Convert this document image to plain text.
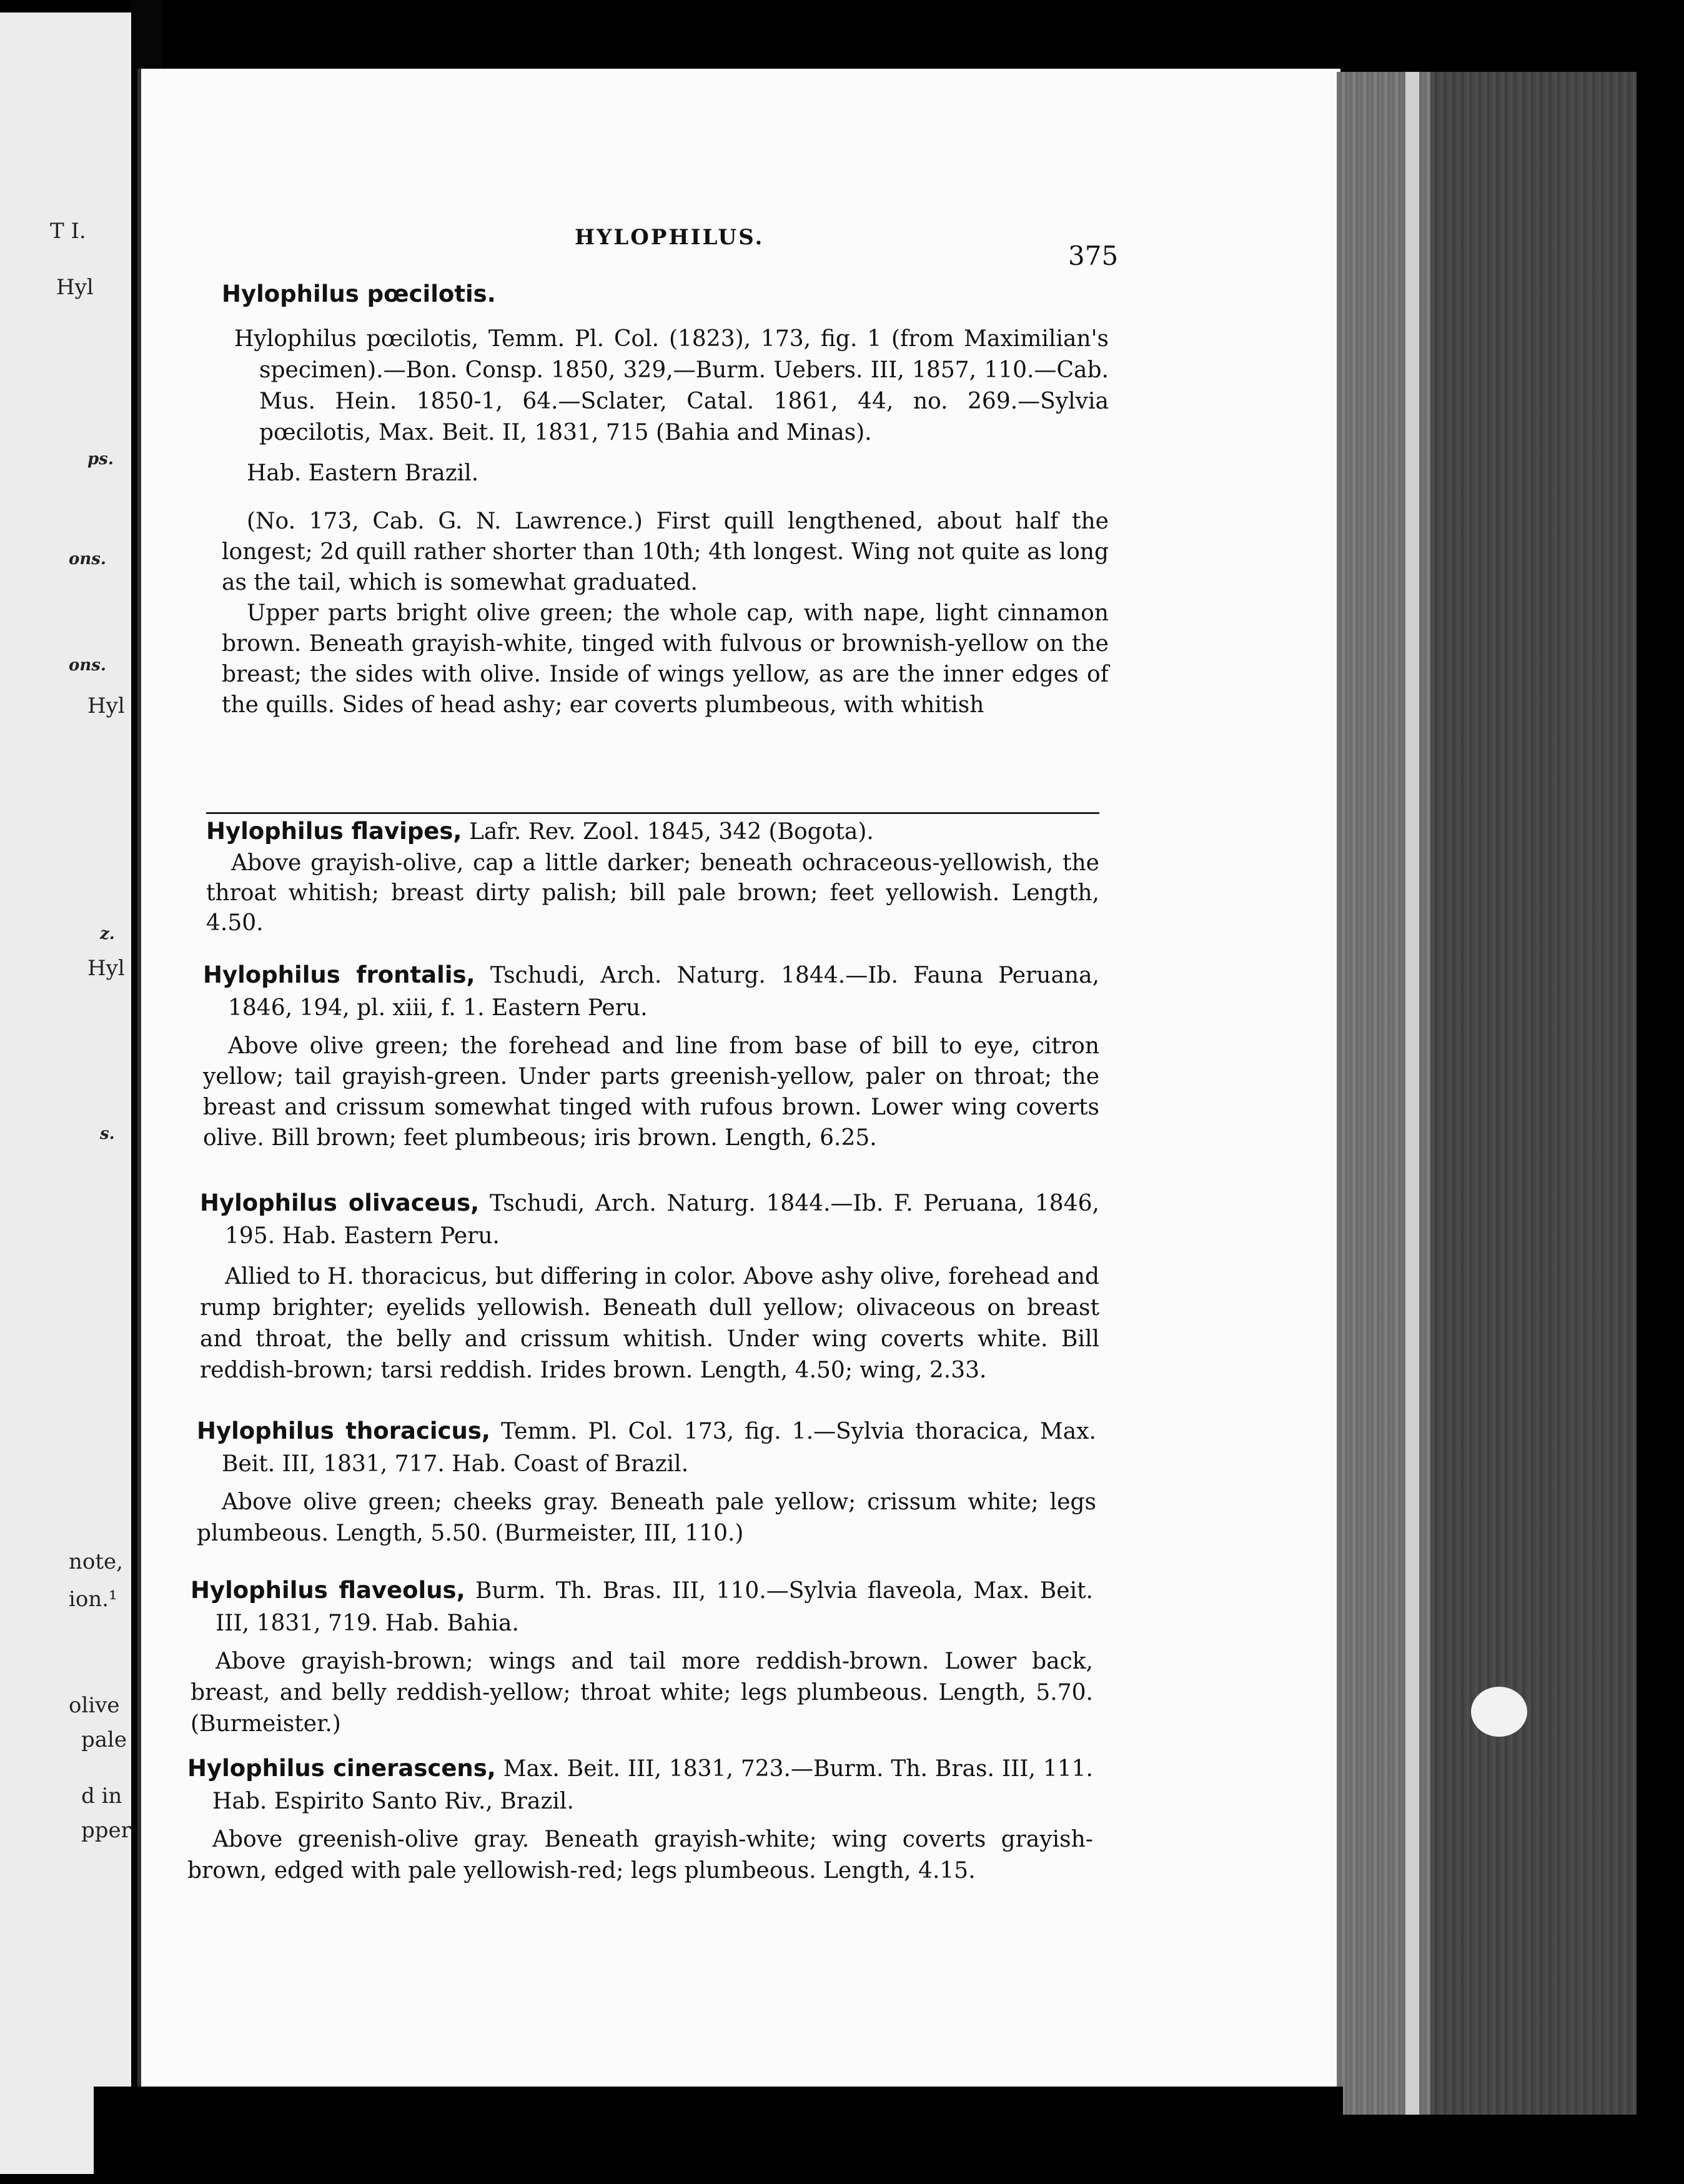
T I.
Hyl
ps.
ons.
ons.
Hyl
Hyl
z.
s.
note,
ion.¹
olive
pale
d in
pper
HYLOPHILUS.
375

Hylophilus pœcilotis.

Hylophilus pœcilotis, Temm. Pl. Col. (1823), 173, fig. 1 (from Maximilian's specimen).—Bon. Consp. 1850, 329,—Burm. Uebers. III, 1857, 110.—Cab. Mus. Hein. 1850-1, 64.—Sclater, Catal. 1861, 44, no. 269.—Sylvia pœcilotis, Max. Beit. II, 1831, 715 (Bahia and Minas).

Hab. Eastern Brazil.

(No. 173, Cab. G. N. Lawrence.) First quill lengthened, about half the longest; 2d quill rather shorter than 10th; 4th longest. Wing not quite as long as the tail, which is somewhat graduated.

Upper parts bright olive green; the whole cap, with nape, light cinnamon brown. Beneath grayish-white, tinged with fulvous or brownish-yellow on the breast; the sides with olive. Inside of wings yellow, as are the inner edges of the quills. Sides of head ashy; ear coverts plumbeous, with whitish

Hylophilus flavipes, Lafr. Rev. Zool. 1845, 342 (Bogota).

Above grayish-olive, cap a little darker; beneath ochraceous-yellowish, the throat whitish; breast dirty palish; bill pale brown; feet yellowish. Length, 4.50.

Hylophilus frontalis, Tschudi, Arch. Naturg. 1844.—Ib. Fauna Peruana, 1846, 194, pl. xiii, f. 1. Eastern Peru.

Above olive green; the forehead and line from base of bill to eye, citron yellow; tail grayish-green. Under parts greenish-yellow, paler on throat; the breast and crissum somewhat tinged with rufous brown. Lower wing coverts olive. Bill brown; feet plumbeous; iris brown. Length, 6.25.

Hylophilus olivaceus, Tschudi, Arch. Naturg. 1844.—Ib. F. Peruana, 1846, 195. Hab. Eastern Peru.

Allied to H. thoracicus, but differing in color. Above ashy olive, forehead and rump brighter; eyelids yellowish. Beneath dull yellow; olivaceous on breast and throat, the belly and crissum whitish. Under wing coverts white. Bill reddish-brown; tarsi reddish. Irides brown. Length, 4.50; wing, 2.33.

Hylophilus thoracicus, Temm. Pl. Col. 173, fig. 1.—Sylvia thoracica, Max. Beit. III, 1831, 717. Hab. Coast of Brazil.

Above olive green; cheeks gray. Beneath pale yellow; crissum white; legs plumbeous. Length, 5.50. (Burmeister, III, 110.)

Hylophilus flaveolus, Burm. Th. Bras. III, 110.—Sylvia flaveola, Max. Beit. III, 1831, 719. Hab. Bahia.

Above grayish-brown; wings and tail more reddish-brown. Lower back, breast, and belly reddish-yellow; throat white; legs plumbeous. Length, 5.70. (Burmeister.)

Hylophilus cinerascens, Max. Beit. III, 1831, 723.—Burm. Th. Bras. III, 111. Hab. Espirito Santo Riv., Brazil.

Above greenish-olive gray. Beneath grayish-white; wing coverts grayish-brown, edged with pale yellowish-red; legs plumbeous. Length, 4.15.
